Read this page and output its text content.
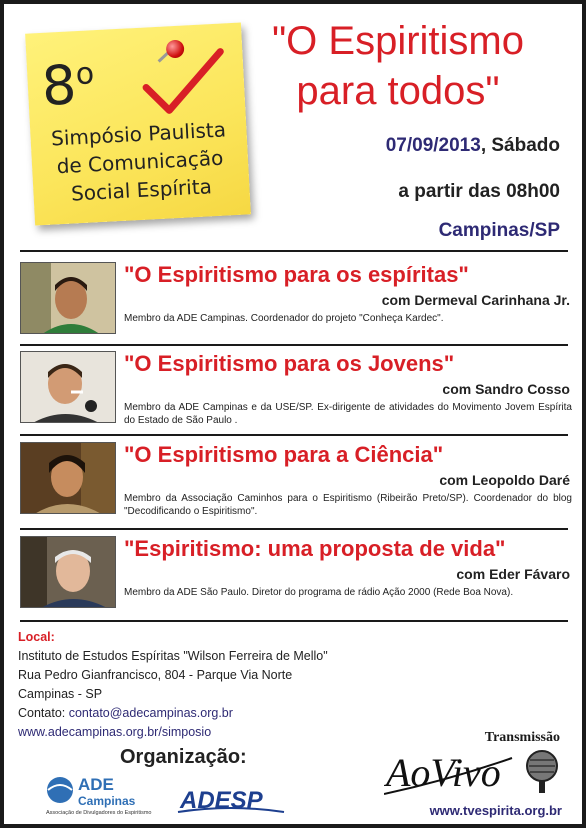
8$^o$
Simpósio Paulista
de Comunicação
Social Espírita
"O Espiritismo
para todos"
07/09/2013, Sábado
a partir das 08h00
Campinas/SP
"O Espiritismo para os espíritas"
com Dermeval Carinhana Jr.
Membro da ADE Campinas. Coordenador do projeto "Conheça Kardec".
"O Espiritismo para os Jovens"
com Sandro Cosso
Membro da ADE Campinas e da USE/SP. Ex-dirigente de atividades do Movimento Jovem Espírita do Estado de São Paulo .
"O Espiritismo para a Ciência"
com Leopoldo Daré
Membro da Associação Caminhos para o Espiritismo (Ribeirão Preto/SP). Coordenador do blog "Decodificando o Espiritismo".
"Espiritismo: uma proposta de vida"
com Eder Fávaro
Membro da ADE São Paulo. Diretor do programa de rádio Ação 2000 (Rede Boa Nova).
Local:
Instituto de Estudos Espíritas "Wilson Ferreira de Mello"
Rua Pedro Gianfrancisco, 804 - Parque Via Norte
Campinas - SP
Contato: contato@adecampinas.org.br
www.adecampinas.org.br/simposio
Organização:
ADE
Campinas
Associação de Divulgadores do Espiritismo ADESP
Transmissão
AoVivo
www.tvespirita.org.br
